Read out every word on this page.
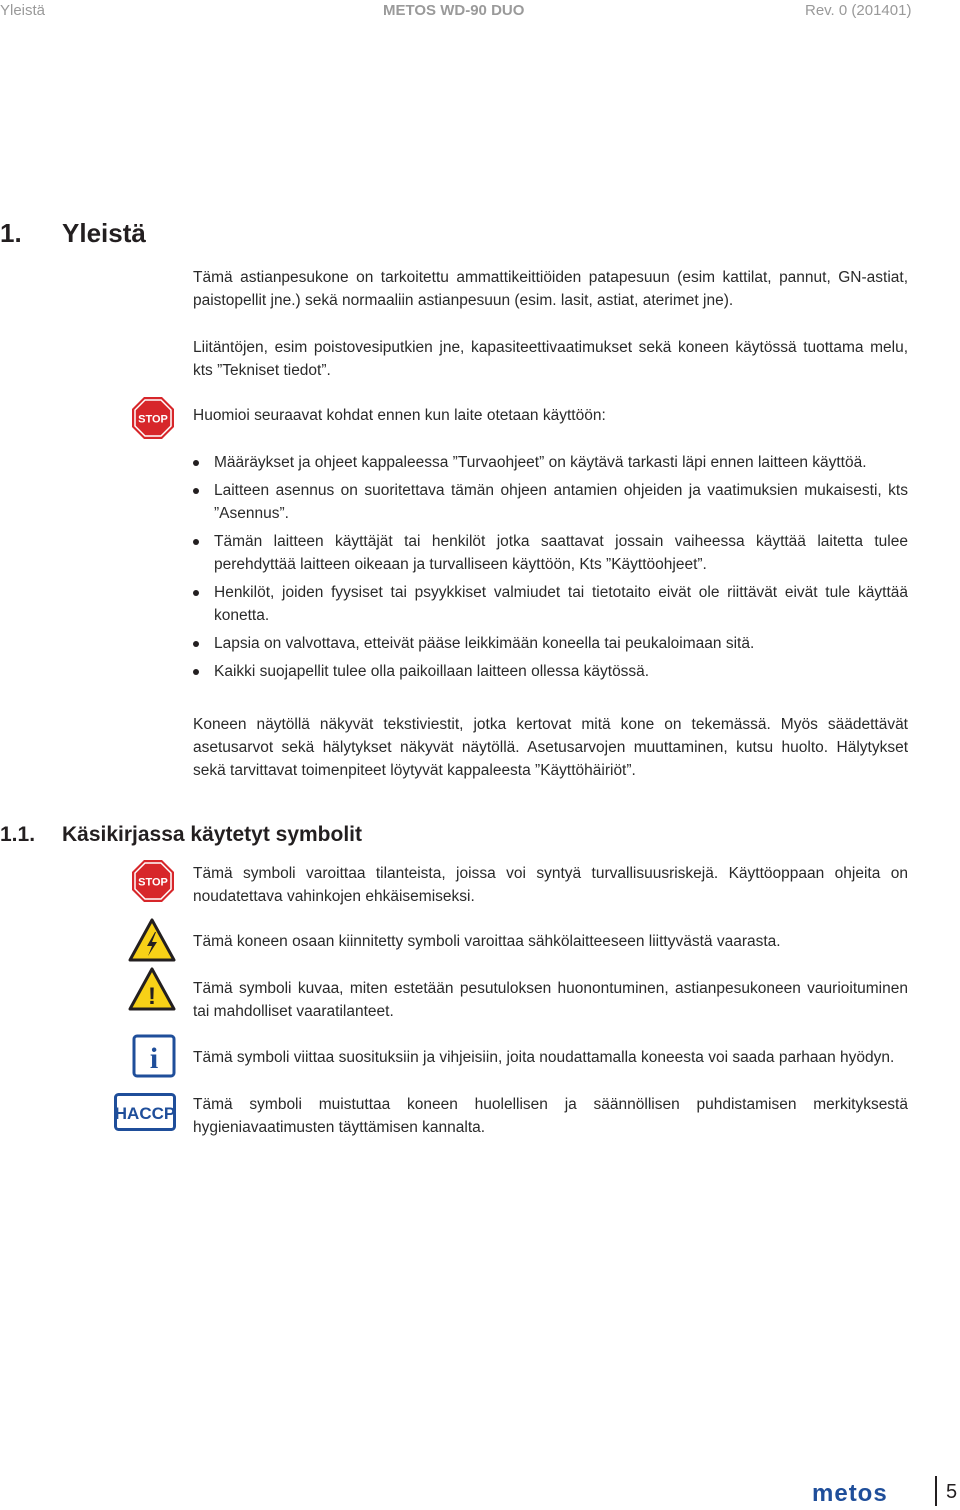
Yleistä	METOS WD-90 DUO	Rev. 0 (201401)
1. Yleistä
Tämä astianpesukone on tarkoitettu ammattikeittiöiden patapesuun (esim kattilat, pannut, GN-astiat, paistopellit jne.) sekä normaaliin astianpesuun (esim. lasit, astiat, aterimet jne).
Liitäntöjen, esim poistovesiputkien jne, kapasiteettivaatimukset sekä koneen käytössä tuottama melu, kts ”Tekniset tiedot”.
STOP Huomioi seuraavat kohdat ennen kun laite otetaan käyttöön:
Määräykset ja ohjeet kappaleessa ”Turvaohjeet” on käytävä tarkasti läpi ennen laitteen käyttöä.
Laitteen asennus on suoritettava tämän ohjeen antamien ohjeiden ja vaatimuksien mukaisesti, kts ”Asennus”.
Tämän laitteen käyttäjät tai henkilöt jotka saattavat jossain vaiheessa käyttää laitetta tulee perehdyttää laitteen oikeaan ja turvalliseen käyttöön, Kts ”Käyttöohjeet”.
Henkilöt, joiden fyysiset tai psyykkiset valmiudet tai tietotaito eivät ole riittävät eivät tule käyttää konetta.
Lapsia on valvottava, etteivät pääse leikkimään koneella tai peukaloimaan sitä.
Kaikki suojapellit tulee olla paikoillaan laitteen ollessa käytössä.
Koneen näytöllä näkyvät tekstiviestit, jotka kertovat mitä kone on tekemässä. Myös säädettävät asetusarvot sekä hälytykset näkyvät näytöllä. Asetusarvojen muuttaminen, kutsu huolto. Hälytykset sekä tarvittavat toimenpiteet löytyvät kappaleesta ”Käyttöhäiriöt”.
1.1. Käsikirjassa käytetyt symbolit
STOP
Tämä symboli varoittaa tilanteista, joissa voi syntyä turvallisuusriskejä. Käyttöoppaan ohjeita on noudatettava vahinkojen ehkäisemiseksi.
Tämä koneen osaan kiinnitetty symboli varoittaa sähkölaitteeseen liittyvästä vaarasta.
! Tämä symboli kuvaa, miten estetään pesutuloksen huonontuminen, astianpesukoneen vaurioituminen tai mahdolliset vaaratilanteet.
i Tämä symboli viittaa suosituksiin ja vihjeisiin, joita noudattamalla koneesta voi saada parhaan hyödyn.
HACCP Tämä symboli muistuttaa koneen huolellisen ja säännöllisen puhdistamisen merkityksestä hygieniavaatimusten täyttämisen kannalta.
metos	5
